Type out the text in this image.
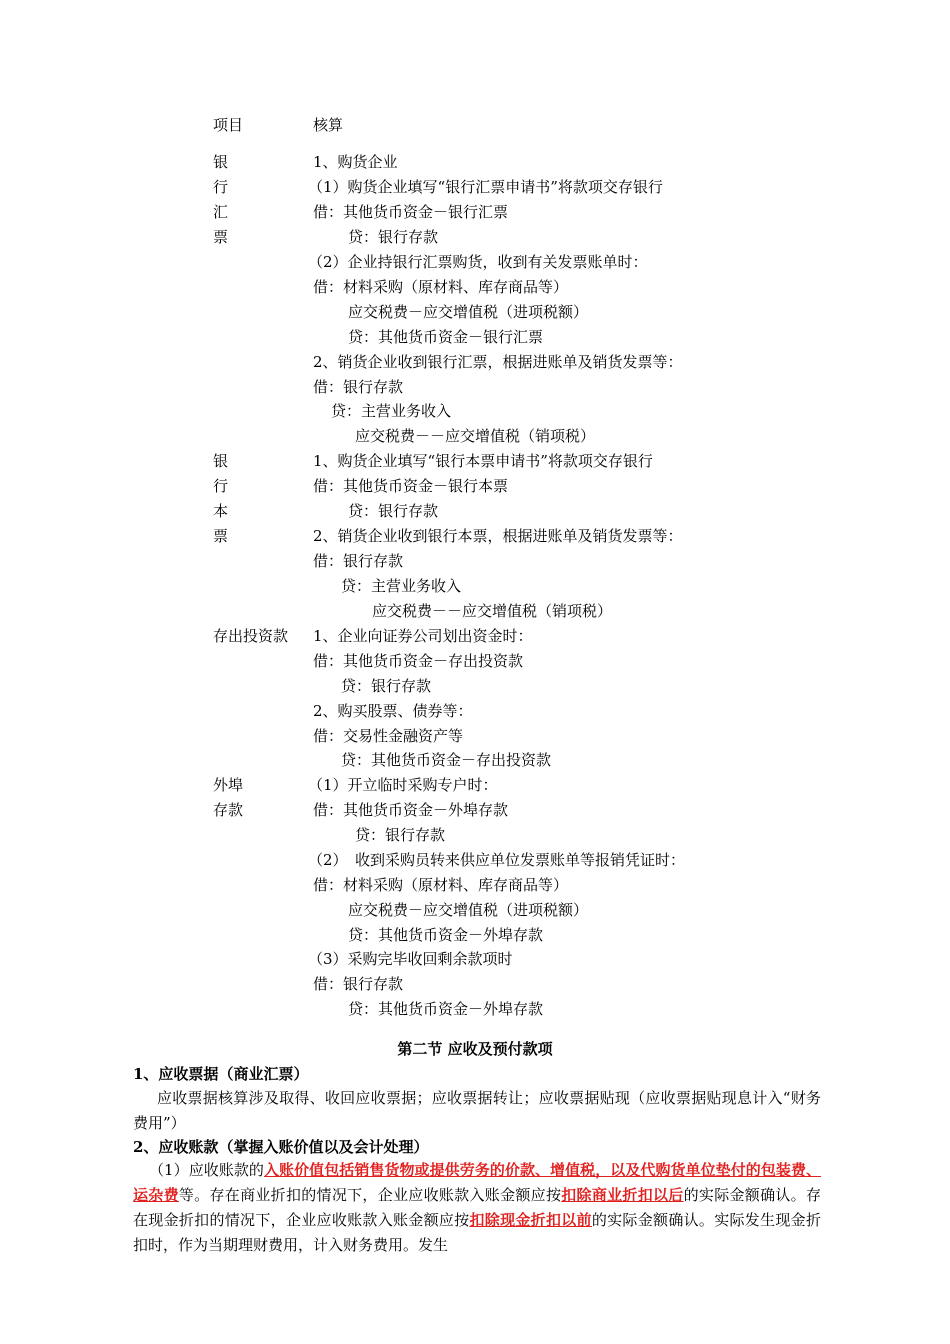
项目	核算
银
行
汇
票
银
行
本
票
存出投资款
外埠
存款
1、购货企业
（1）购货企业填写“银行汇票申请书”将款项交存银行
借：其他货币资金－银行汇票
贷：银行存款
（2）企业持银行汇票购货，收到有关发票账单时：
借：材料采购（原材料、库存商品等）
应交税费－应交增值税（进项税额）
贷：其他货币资金－银行汇票
2、销货企业收到银行汇票，根据进账单及销货发票等：
借：银行存款
贷：主营业务收入
应交税费－－应交增值税（销项税）
1、购货企业填写“银行本票申请书”将款项交存银行
借：其他货币资金－银行本票
贷：银行存款
2、销货企业收到银行本票，根据进账单及销货发票等：
借：银行存款
贷：主营业务收入
应交税费－－应交增值税（销项税）
1、企业向证券公司划出资金时：
借：其他货币资金－存出投资款
贷：银行存款
2、购买股票、债券等：
借：交易性金融资产等
贷：其他货币资金－存出投资款
（1）开立临时采购专户时：
借：其他货币资金－外埠存款
贷：银行存款
（2）　收到采购员转来供应单位发票账单等报销凭证时：
借：材料采购（原材料、库存商品等）
应交税费－应交增值税（进项税额）
贷：其他货币资金－外埠存款
（3）采购完毕收回剩余款项时
借：银行存款
贷：其他货币资金－外埠存款
第二节 应收及预付款项
1、应收票据（商业汇票）
应收票据核算涉及取得、收回应收票据；应收票据转让；应收票据贴现（应收票据贴现息计入“财务费用”）
2、应收账款（掌握入账价值以及会计处理）
（1）应收账款的入账价值包括销售货物或提供劳务的价款、增值税，以及代购货单位垫付的包装费、运杂费等。存在商业折扣的情况下，企业应收账款入账金额应按扣除商业折扣以后的实际金额确认。存在现金折扣的情况下，企业应收账款入账金额应按扣除现金折扣以前的实际金额确认。实际发生现金折扣时，作为当期理财费用，计入财务费用。发生
